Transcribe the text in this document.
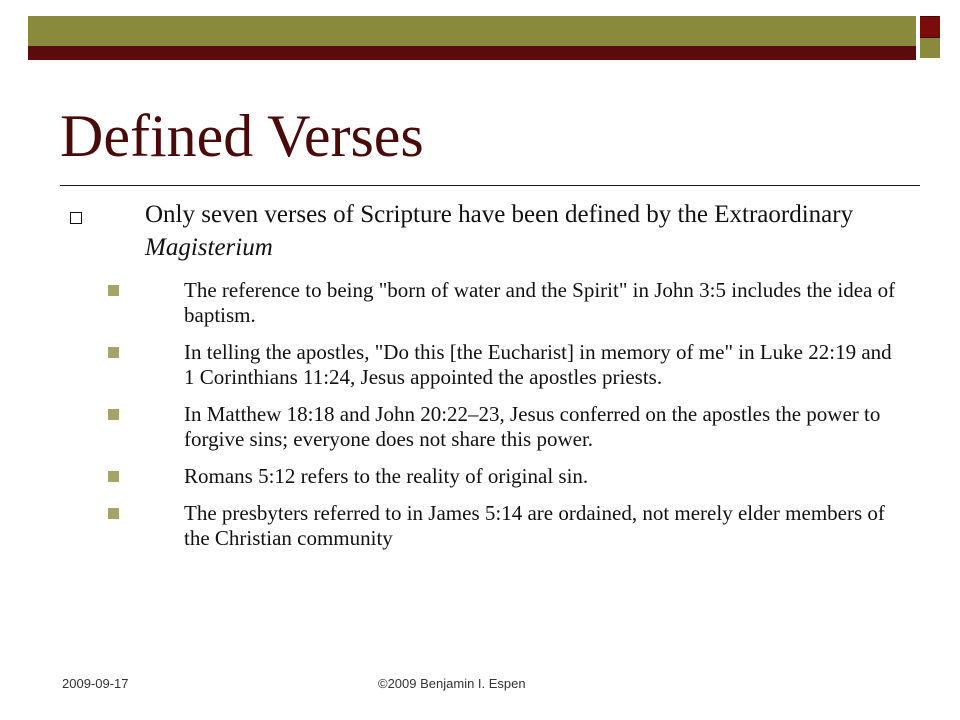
Defined Verses
Only seven verses of Scripture have been defined by the Extraordinary Magisterium
The reference to being "born of water and the Spirit" in John 3:5 includes the idea of baptism.
In telling the apostles, "Do this [the Eucharist] in memory of me" in Luke 22:19 and 1 Corinthians 11:24, Jesus appointed the apostles priests.
In Matthew 18:18 and John 20:22–23, Jesus conferred on the apostles the power to forgive sins; everyone does not share this power.
Romans 5:12 refers to the reality of original sin.
The presbyters referred to in James 5:14 are ordained, not merely elder members of the Christian community
2009-09-17	©2009 Benjamin I. Espen
